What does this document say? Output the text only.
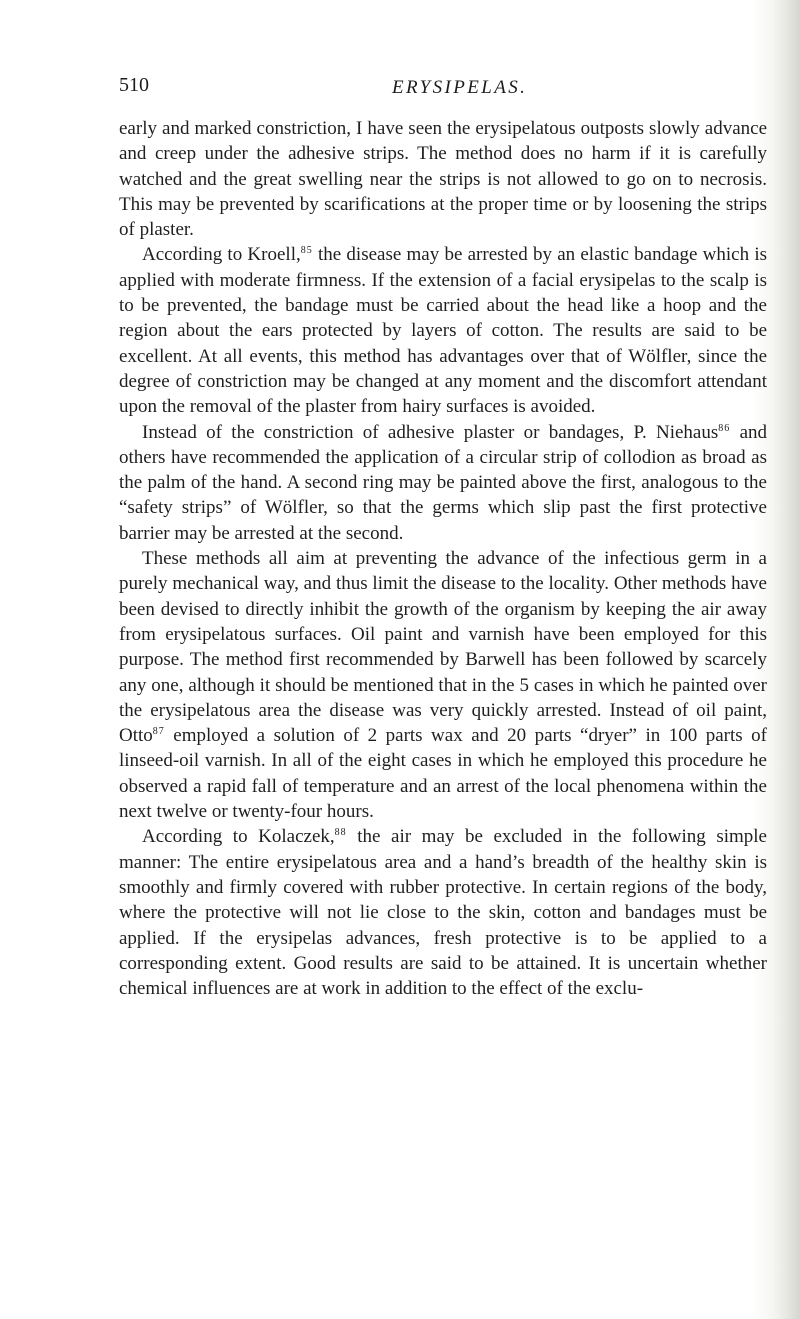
510	ERYSIPELAS.

early and marked constriction, I have seen the erysipelatous outposts slowly advance and creep under the adhesive strips. The method does no harm if it is carefully watched and the great swelling near the strips is not allowed to go on to necrosis. This may be prevented by scarifications at the proper time or by loosening the strips of plaster.

According to Kroell,$^{85}$ the disease may be arrested by an elastic bandage which is applied with moderate firmness. If the extension of a facial erysipelas to the scalp is to be prevented, the bandage must be carried about the head like a hoop and the region about the ears protected by layers of cotton. The results are said to be excellent. At all events, this method has advantages over that of Wölfler, since the degree of constriction may be changed at any moment and the discomfort attendant upon the removal of the plaster from hairy surfaces is avoided.

Instead of the constriction of adhesive plaster or bandages, P. Niehaus$^{86}$ and others have recommended the application of a circular strip of collodion as broad as the palm of the hand. A second ring may be painted above the first, analogous to the “safety strips” of Wölfler, so that the germs which slip past the first protective barrier may be arrested at the second.

These methods all aim at preventing the advance of the infectious germ in a purely mechanical way, and thus limit the disease to the locality. Other methods have been devised to directly inhibit the growth of the organism by keeping the air away from erysipelatous surfaces. Oil paint and varnish have been employed for this purpose. The method first recommended by Barwell has been followed by scarcely any one, although it should be mentioned that in the 5 cases in which he painted over the erysipelatous area the disease was very quickly arrested. Instead of oil paint, Otto$^{87}$ employed a solution of 2 parts wax and 20 parts “dryer” in 100 parts of linseed-oil varnish. In all of the eight cases in which he employed this procedure he observed a rapid fall of temperature and an arrest of the local phenomena within the next twelve or twenty-four hours.

According to Kolaczek,$^{88}$ the air may be excluded in the following simple manner: The entire erysipelatous area and a hand’s breadth of the healthy skin is smoothly and firmly covered with rubber protective. In certain regions of the body, where the protective will not lie close to the skin, cotton and bandages must be applied. If the erysipelas advances, fresh protective is to be applied to a corresponding extent. Good results are said to be attained. It is uncertain whether chemical influences are at work in addition to the effect of the exclu-
